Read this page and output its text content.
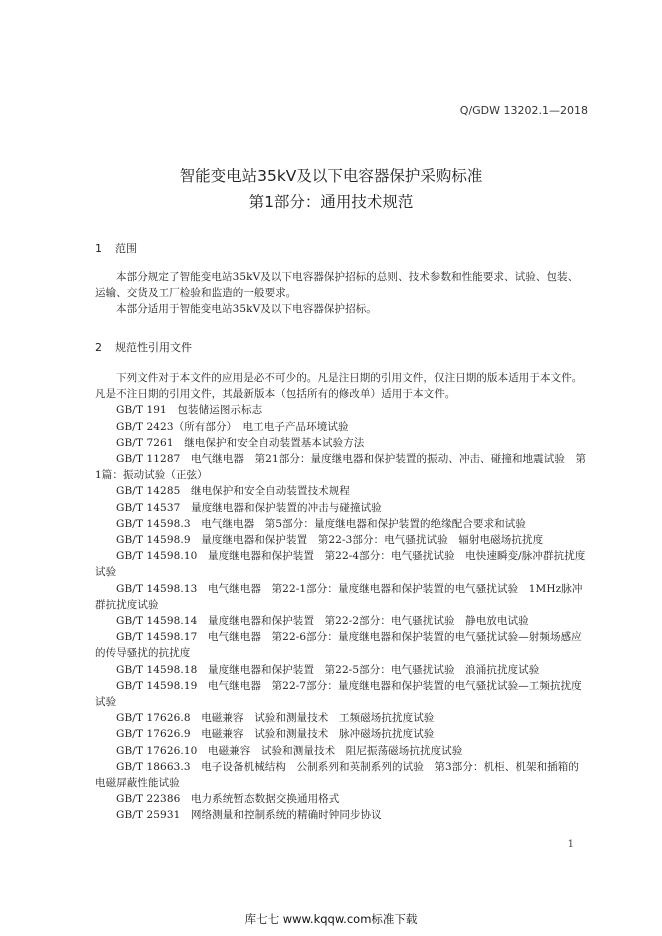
Q/GDW 13202.1—2018
智能变电站35kV及以下电容器保护采购标准
第1部分：通用技术规范
1 范围

本部分规定了智能变电站35kV及以下电容器保护招标的总则、技术参数和性能要求、试验、包装、运输、交货及工厂检验和监造的一般要求。

本部分适用于智能变电站35kV及以下电容器保护招标。

2 规范性引用文件

下列文件对于本文件的应用是必不可少的。凡是注日期的引用文件，仅注日期的版本适用于本文件。凡是不注日期的引用文件，其最新版本（包括所有的修改单）适用于本文件。

GB/T 191　包装储运图示标志

GB/T 2423（所有部分）　电工电子产品环境试验

GB/T 7261　继电保护和安全自动装置基本试验方法

GB/T 11287　电气继电器　第21部分：量度继电器和保护装置的振动、冲击、碰撞和地震试验　第1篇：振动试验（正弦）

GB/T 14285　继电保护和安全自动装置技术规程

GB/T 14537　量度继电器和保护装置的冲击与碰撞试验

GB/T 14598.3　电气继电器　第5部分：量度继电器和保护装置的绝缘配合要求和试验

GB/T 14598.9　量度继电器和保护装置　第22-3部分：电气骚扰试验　辐射电磁场抗扰度

GB/T 14598.10　量度继电器和保护装置　第22-4部分：电气骚扰试验　电快速瞬变/脉冲群抗扰度试验

GB/T 14598.13　电气继电器　第22-1部分：量度继电器和保护装置的电气骚扰试验　1MHz脉冲群抗扰度试验

GB/T 14598.14　量度继电器和保护装置　第22-2部分：电气骚扰试验　静电放电试验

GB/T 14598.17　电气继电器　第22-6部分：量度继电器和保护装置的电气骚扰试验—射频场感应的传导骚扰的抗扰度

GB/T 14598.18　量度继电器和保护装置　第22-5部分：电气骚扰试验　浪涌抗扰度试验

GB/T 14598.19　电气继电器　第22-7部分：量度继电器和保护装置的电气骚扰试验—工频抗扰度试验

GB/T 17626.8　电磁兼容　试验和测量技术　工频磁场抗扰度试验

GB/T 17626.9　电磁兼容　试验和测量技术　脉冲磁场抗扰度试验

GB/T 17626.10　电磁兼容　试验和测量技术　阻尼振荡磁场抗扰度试验

GB/T 18663.3　电子设备机械结构　公制系列和英制系列的试验　第3部分：机柜、机架和插箱的电磁屏蔽性能试验

GB/T 22386　电力系统暂态数据交换通用格式

GB/T 25931　网络测量和控制系统的精确时钟同步协议

1
库七七 www.kqqw.com标准下载
